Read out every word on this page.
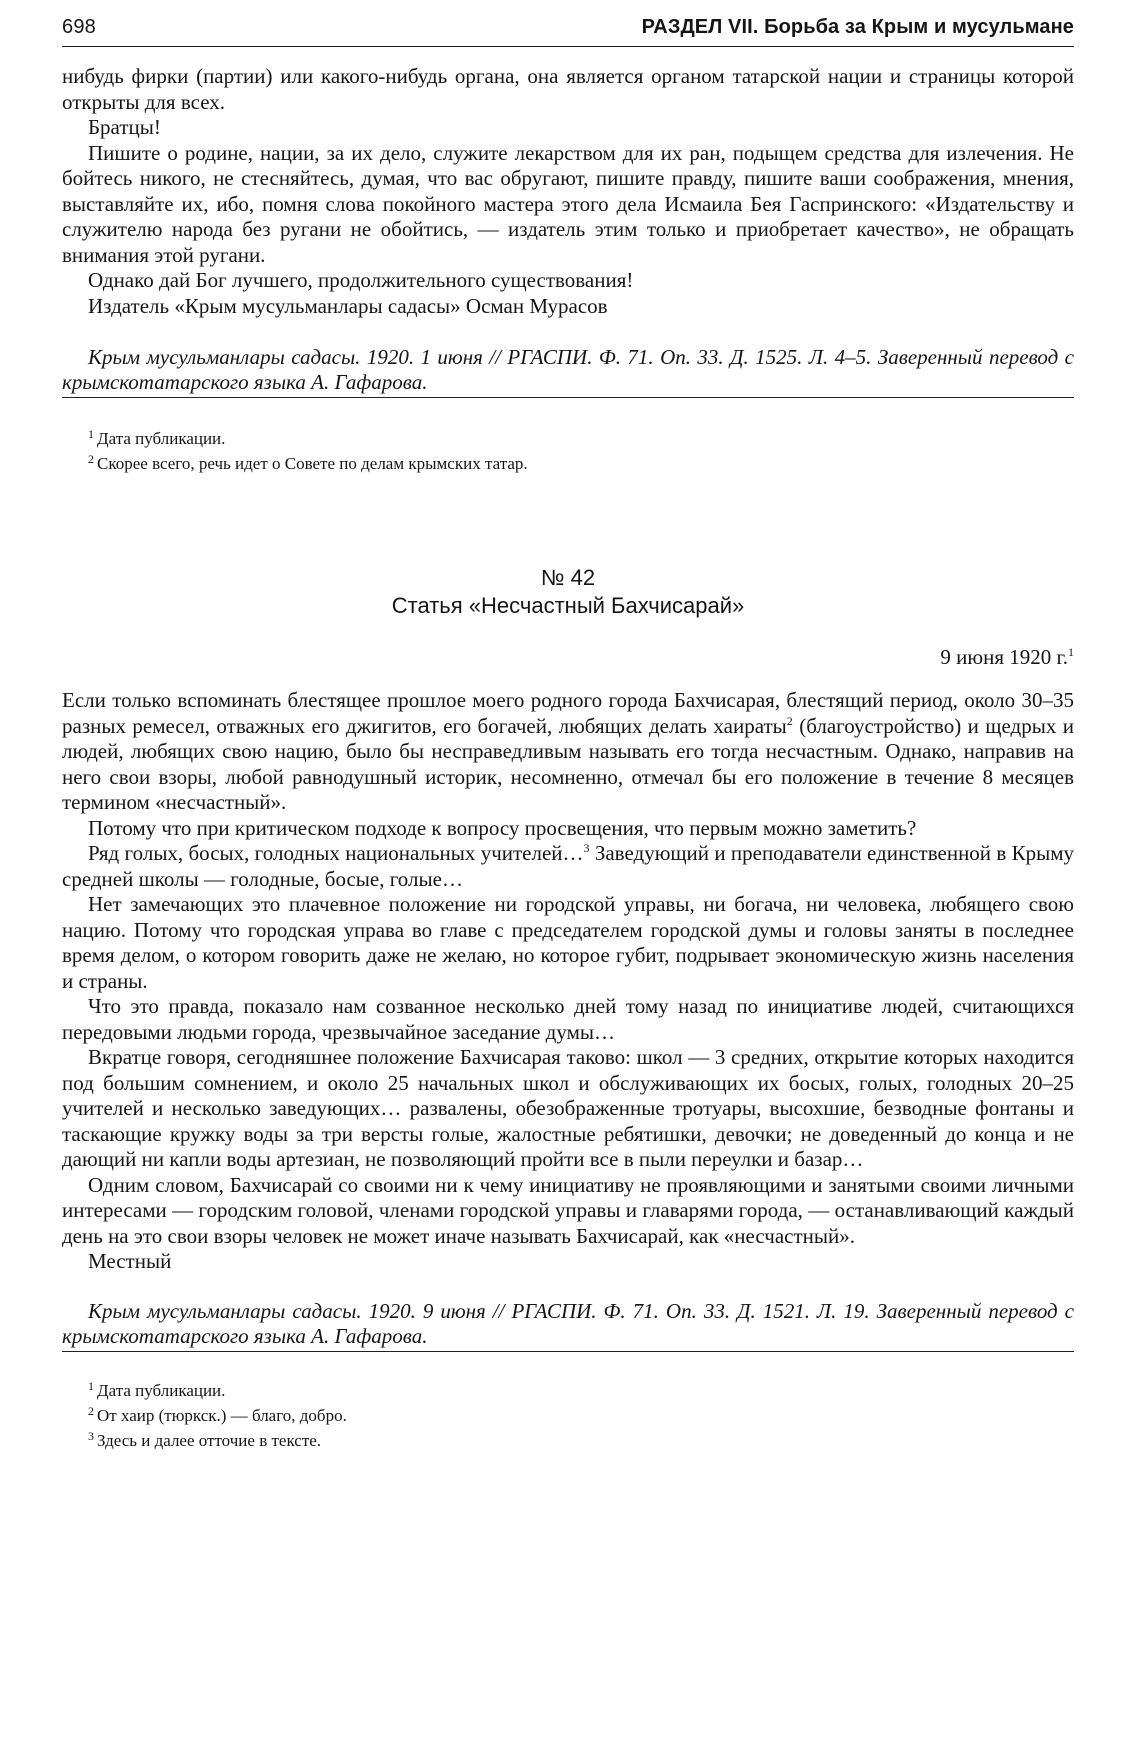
698	РАЗДЕЛ VII. Борьба за Крым и мусульмане

нибудь фирки (партии) или какого-нибудь органа, она является органом татарской нации и страницы которой открыты для всех.

Братцы!

Пишите о родине, нации, за их дело, служите лекарством для их ран, подыщем средства для излечения. Не бойтесь никого, не стесняйтесь, думая, что вас обругают, пишите правду, пишите ваши соображения, мнения, выставляйте их, ибо, помня слова покойного мастера этого дела Исмаила Бея Гаспринского: «Издательству и служителю народа без ругани не обойтись, — издатель этим только и приобретает качество», не обращать внимания этой ругани.

Однако дай Бог лучшего, продолжительного существования!

Издатель «Крым мусульманлары садасы» Осман Мурасов

Крым мусульманлары садасы. 1920. 1 июня // РГАСПИ. Ф. 71. Оп. 33. Д. 1525. Л. 4–5. Заверенный перевод с крымскотатарского языка А. Гафарова.

$^1$ Дата публикации.
$^2$ Скорее всего, речь идет о Совете по делам крымских татар.
№ 42
Статья «Несчастный Бахчисарай»
9 июня 1920 г.$^1$

Если только вспоминать блестящее прошлое моего родного города Бахчисарая, блестящий период, около 30–35 разных ремесел, отважных его джигитов, его богачей, любящих делать хаираты$^2$ (благоустройство) и щедрых и людей, любящих свою нацию, было бы несправедливым называть его тогда несчастным. Однако, направив на него свои взоры, любой равнодушный историк, несомненно, отмечал бы его положение в течение 8 месяцев термином «несчастный».

Потому что при критическом подходе к вопросу просвещения, что первым можно заметить?

Ряд голых, босых, голодных национальных учителей…$^3$ Заведующий и преподаватели единственной в Крыму средней школы — голодные, босые, голые…

Нет замечающих это плачевное положение ни городской управы, ни богача, ни человека, любящего свою нацию. Потому что городская управа во главе с председателем городской думы и головы заняты в последнее время делом, о котором говорить даже не желаю, но которое губит, подрывает экономическую жизнь населения и страны.

Что это правда, показало нам созванное несколько дней тому назад по инициативе людей, считающихся передовыми людьми города, чрезвычайное заседание думы…

Вкратце говоря, сегодняшнее положение Бахчисарая таково: школ — 3 средних, открытие которых находится под большим сомнением, и около 25 начальных школ и обслуживающих их босых, голых, голодных 20–25 учителей и несколько заведующих… развалены, обезображенные тротуары, высохшие, безводные фонтаны и таскающие кружку воды за три версты голые, жалостные ребятишки, девочки; не доведенный до конца и не дающий ни капли воды артезиан, не позволяющий пройти все в пыли переулки и базар…

Одним словом, Бахчисарай со своими ни к чему инициативу не проявляющими и занятыми своими личными интересами — городским головой, членами городской управы и главарями города, — останавливающий каждый день на это свои взоры человек не может иначе называть Бахчисарай, как «несчастный».

Местный

Крым мусульманлары садасы. 1920. 9 июня // РГАСПИ. Ф. 71. Оп. 33. Д. 1521. Л. 19. Заверенный перевод с крымскотатарского языка А. Гафарова.

$^1$ Дата публикации.
$^2$ От хаир (тюркск.) — благо, добро.
$^3$ Здесь и далее отточие в тексте.
